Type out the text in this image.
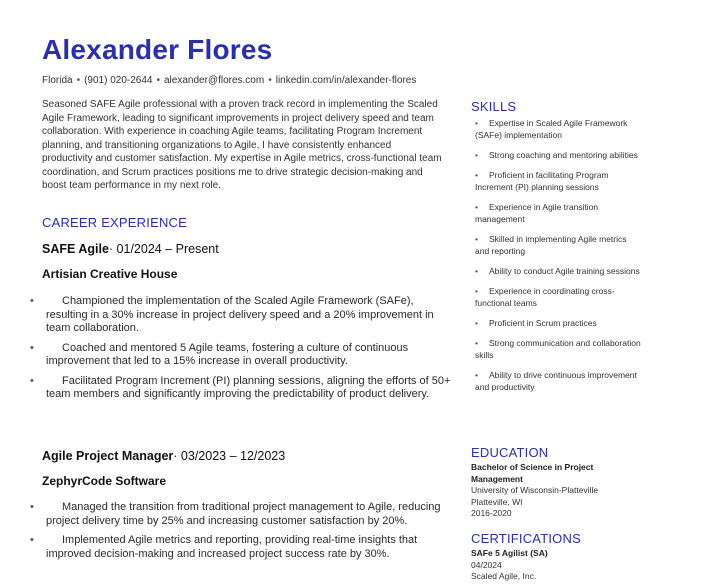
Alexander Flores
Florida • (901) 020-2644 • alexander@flores.com • linkedin.com/in/alexander-flores
Seasoned SAFE Agile professional with a proven track record in implementing the Scaled Agile Framework, leading to significant improvements in project delivery speed and team collaboration. With experience in coaching Agile teams, facilitating Program Increment planning, and transitioning organizations to Agile, I have consistently enhanced productivity and customer satisfaction. My expertise in Agile metrics, cross-functional team coordination, and Scrum practices positions me to drive strategic decision-making and boost team performance in my next role.
CAREER EXPERIENCE
SAFE Agile· 01/2024 – Present
Artisian Creative House
•
Championed the implementation of the Scaled Agile Framework (SAFe), resulting in a 30% increase in project delivery speed and a 20% improvement in team collaboration.
•
Coached and mentored 5 Agile teams, fostering a culture of continuous improvement that led to a 15% increase in overall productivity.
•
Facilitated Program Increment (PI) planning sessions, aligning the efforts of 50+ team members and significantly improving the predictability of product delivery.
Agile Project Manager· 03/2023 – 12/2023
ZephyrCode Software
•
Managed the transition from traditional project management to Agile, reducing project delivery time by 25% and increasing customer satisfaction by 20%.
•
Implemented Agile metrics and reporting, providing real-time insights that improved decision-making and increased project success rate by 30%.
SKILLS
• Expertise in Scaled Agile Framework (SAFe) implementation
• Strong coaching and mentoring abilities
• Proficient in facilitating Program Increment (PI) planning sessions
• Experience in Agile transition management
• Skilled in implementing Agile metrics and reporting
• Ability to conduct Agile training sessions
• Experience in coordinating cross-functional teams
• Proficient in Scrum practices
• Strong communication and collaboration skills
• Ability to drive continuous improvement and productivity
EDUCATION
Bachelor of Science in Project Management
University of Wisconsin-Platteville
Platteville, WI
2016-2020
CERTIFICATIONS
SAFe 5 Agilist (SA)
04/2024
Scaled Agile, Inc.
